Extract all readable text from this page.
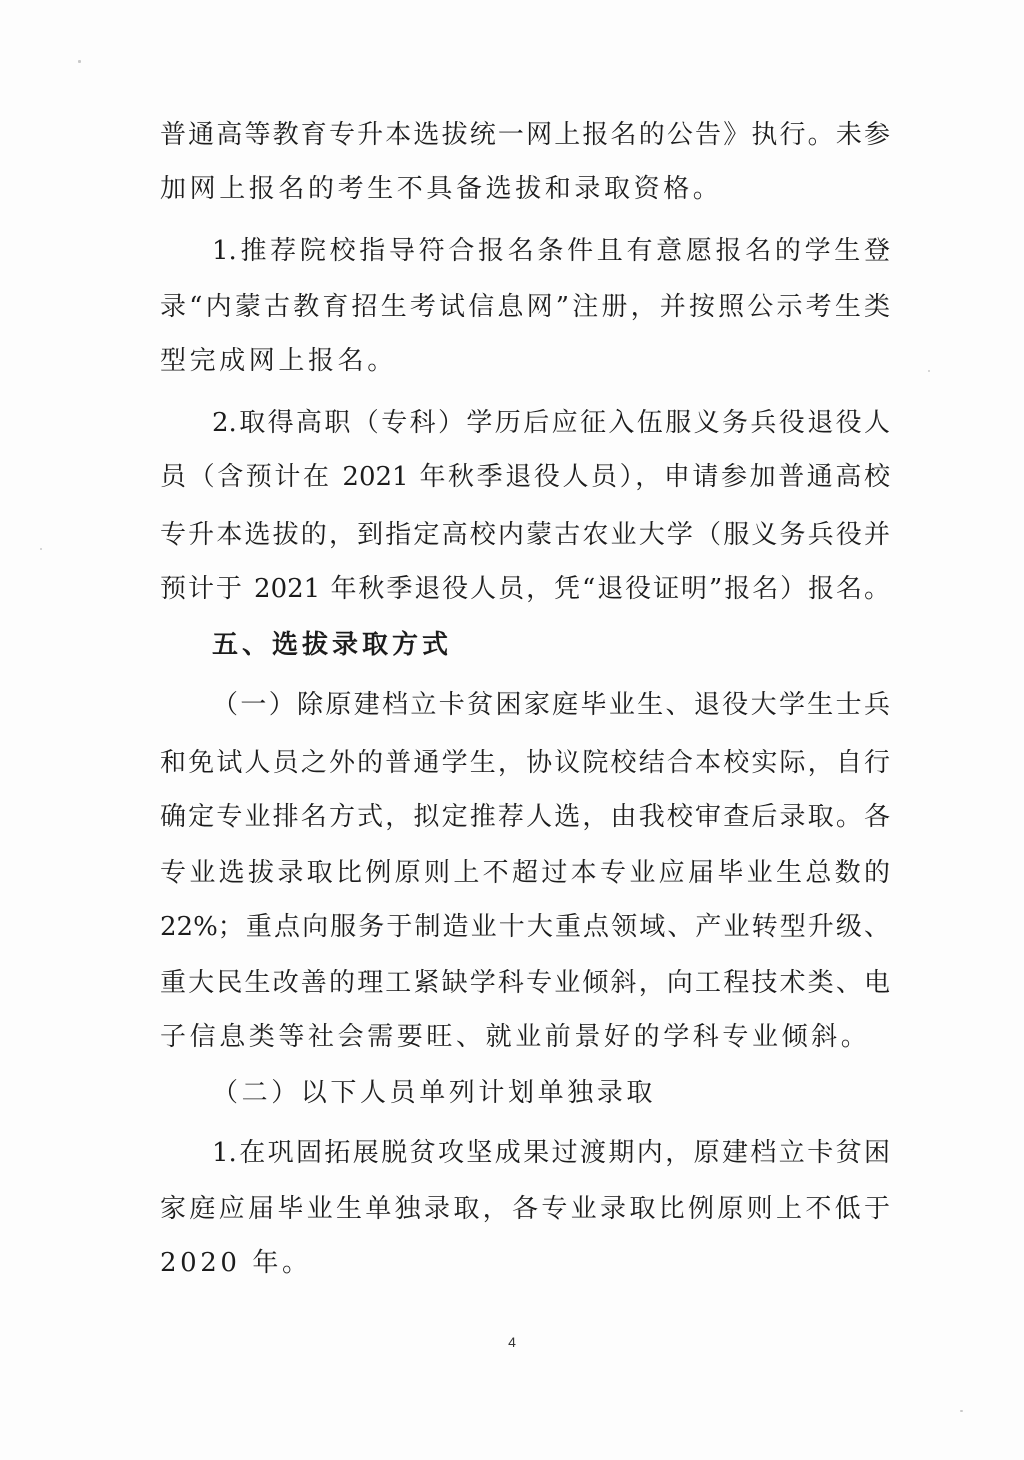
普通高等教育专升本选拔统一网上报名的公告》执行。未参
加网上报名的考生不具备选拔和录取资格。
1.推荐院校指导符合报名条件且有意愿报名的学生登
录“内蒙古教育招生考试信息网”注册，并按照公示考生类
型完成网上报名。
2.取得高职（专科）学历后应征入伍服义务兵役退役人
员（含预计在 2021 年秋季退役人员），申请参加普通高校
专升本选拔的，到指定高校内蒙古农业大学（服义务兵役并
预计于 2021 年秋季退役人员，凭“退役证明”报名）报名。
五、选拔录取方式
（一）除原建档立卡贫困家庭毕业生、退役大学生士兵
和免试人员之外的普通学生，协议院校结合本校实际，自行
确定专业排名方式，拟定推荐人选，由我校审查后录取。各
专业选拔录取比例原则上不超过本专业应届毕业生总数的
22%；重点向服务于制造业十大重点领域、产业转型升级、
重大民生改善的理工紧缺学科专业倾斜，向工程技术类、电
子信息类等社会需要旺、就业前景好的学科专业倾斜。
（二）以下人员单列计划单独录取
1.在巩固拓展脱贫攻坚成果过渡期内，原建档立卡贫困
家庭应届毕业生单独录取，各专业录取比例原则上不低于
2020 年。
4
